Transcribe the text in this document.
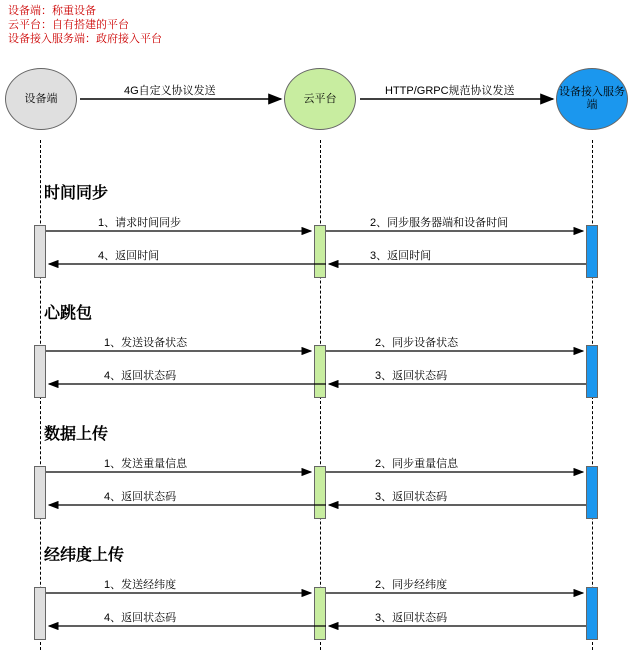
设备端：称重设备
云平台：自有搭建的平台
设备接入服务端：政府接入平台
设备端	云平台
设备接入服务端
4G自定义协议发送	HTTP/GRPC规范协议发送
时间同步
心跳包
数据上传
经纬度上传
1、请求时间同步
4、返回时间
2、同步服务器端和设备时间
3、返回时间
1、发送设备状态
4、返回状态码
2、同步设备状态
3、返回状态码
1、发送重量信息
4、返回状态码
2、同步重量信息
3、返回状态码
1、发送经纬度
4、返回状态码
2、同步经纬度
3、返回状态码
